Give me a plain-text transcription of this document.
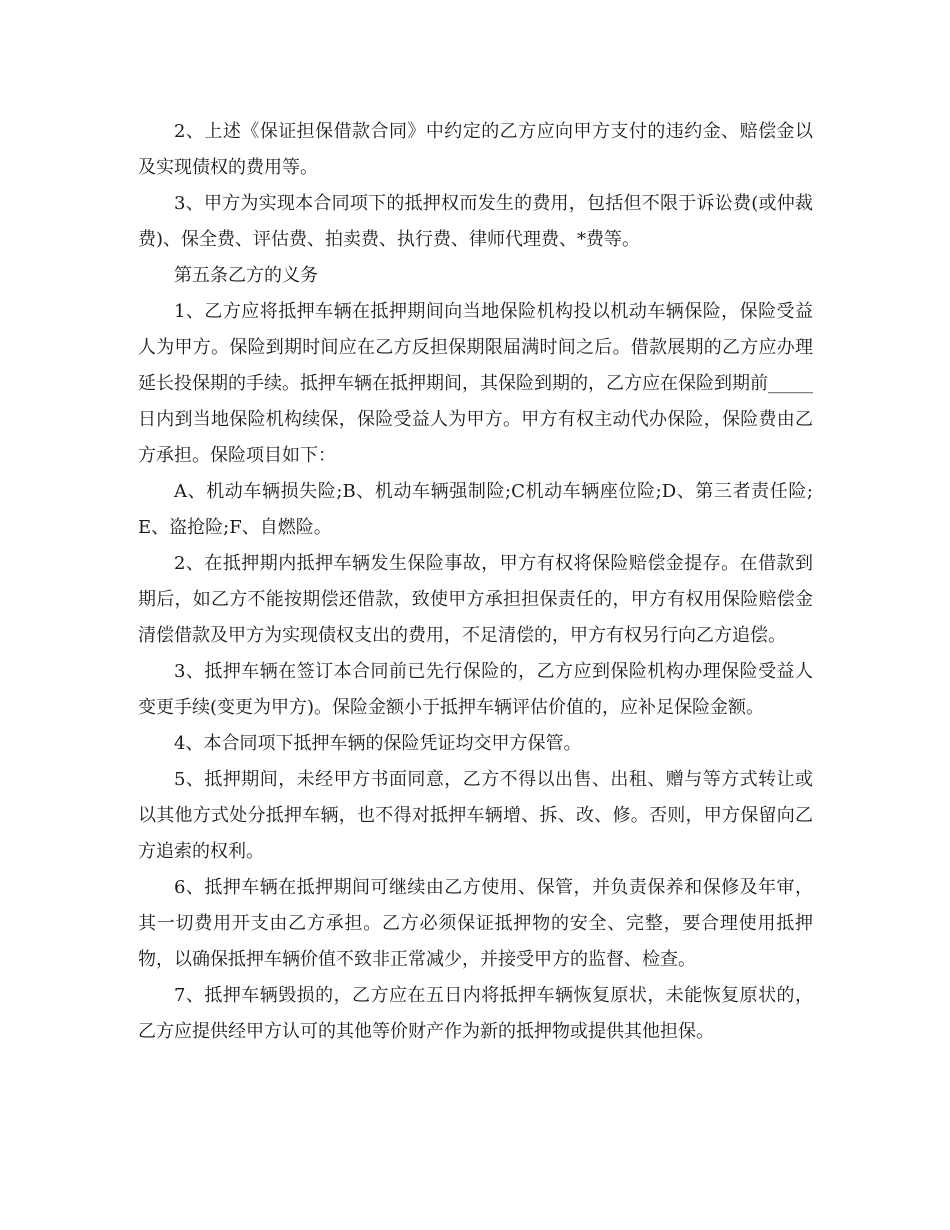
2、上述《保证担保借款合同》中约定的乙方应向甲方支付的违约金、赔偿金以及实现债权的费用等。

3、甲方为实现本合同项下的抵押权而发生的费用，包括但不限于诉讼费(或仲裁费)、保全费、评估费、拍卖费、执行费、律师代理费、*费等。

第五条乙方的义务

1、乙方应将抵押车辆在抵押期间向当地保险机构投以机动车辆保险，保险受益人为甲方。保险到期时间应在乙方反担保期限届满时间之后。借款展期的乙方应办理延长投保期的手续。抵押车辆在抵押期间，其保险到期的，乙方应在保险到期前_____日内到当地保险机构续保，保险受益人为甲方。甲方有权主动代办保险，保险费由乙方承担。保险项目如下：

A、机动车辆损失险;B、机动车辆强制险;C机动车辆座位险;D、第三者责任险;E、盗抢险;F、自燃险。

2、在抵押期内抵押车辆发生保险事故，甲方有权将保险赔偿金提存。在借款到期后，如乙方不能按期偿还借款，致使甲方承担担保责任的，甲方有权用保险赔偿金清偿借款及甲方为实现债权支出的费用，不足清偿的，甲方有权另行向乙方追偿。

3、抵押车辆在签订本合同前已先行保险的，乙方应到保险机构办理保险受益人变更手续(变更为甲方)。保险金额小于抵押车辆评估价值的，应补足保险金额。

4、本合同项下抵押车辆的保险凭证均交甲方保管。

5、抵押期间，未经甲方书面同意，乙方不得以出售、出租、赠与等方式转让或以其他方式处分抵押车辆，也不得对抵押车辆增、拆、改、修。否则，甲方保留向乙方追索的权利。

6、抵押车辆在抵押期间可继续由乙方使用、保管，并负责保养和保修及年审，其一切费用开支由乙方承担。乙方必须保证抵押物的安全、完整，要合理使用抵押物，以确保抵押车辆价值不致非正常减少，并接受甲方的监督、检查。

7、抵押车辆毁损的，乙方应在五日内将抵押车辆恢复原状，未能恢复原状的，乙方应提供经甲方认可的其他等价财产作为新的抵押物或提供其他担保。
